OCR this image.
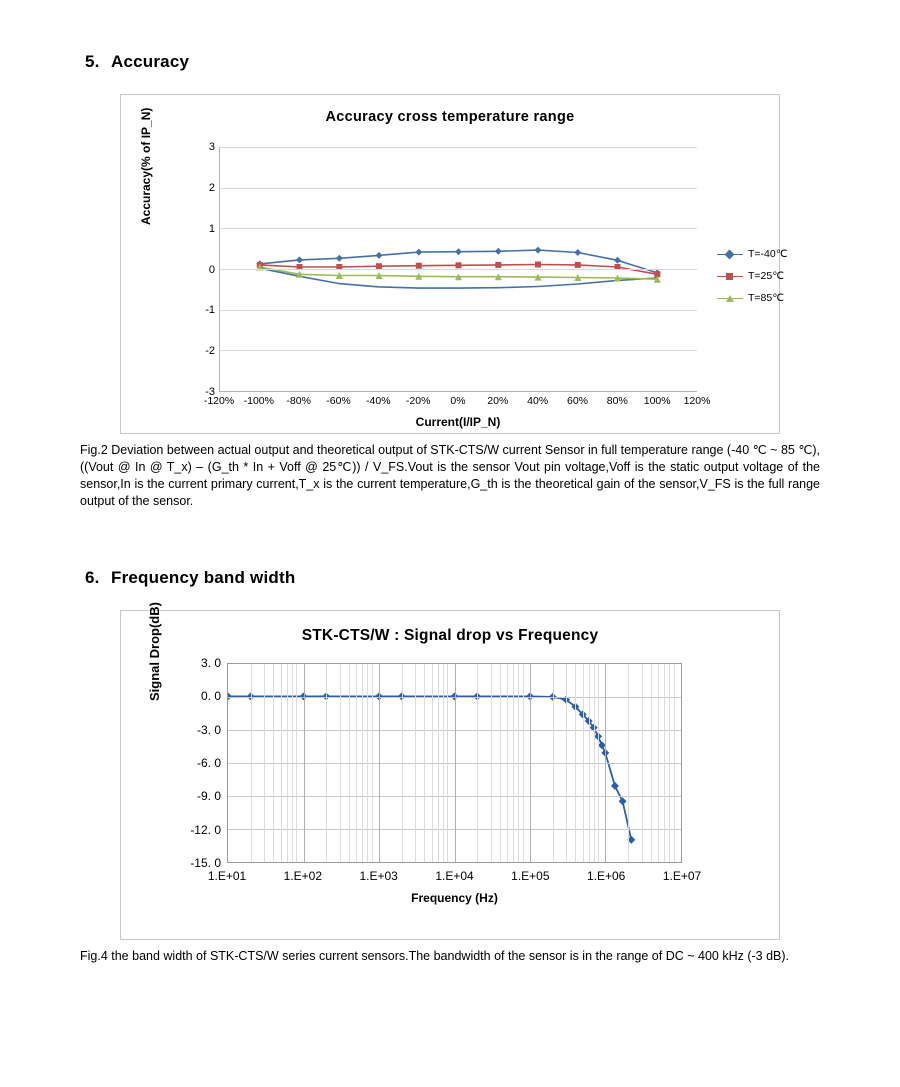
5. Accuracy
Accuracy cross temperature range
Accuracy(% of IP_N)	3
2
1
0
-1
-2
-3
-120% -100% -80% -60% -40% -20% 0% 20% 40% 60% 80% 100% 120%
Current(I/IP_N)
T=-40℃
T=25℃
T=85℃
Fig.2 Deviation between actual output and theoretical output of STK-CTS/W current Sensor in full temperature range (-40 ℃ ~ 85 ℃),((Vout @ In @ T_x) – (G_th * In + Voff @ 25℃)) / V_FS.Vout is the sensor Vout pin voltage,Voff is the static output voltage of the sensor,In is the current primary current,T_x is the current temperature,G_th is the theoretical gain of the sensor,V_FS is the full range output of the sensor.
6. Frequency band width
STK-CTS/W : Signal drop vs Frequency
Signal Drop(dB)	3. 0
0. 0
-3. 0
-6. 0
-9. 0
-12. 0
-15. 0
1.E+01	1.E+02	1.E+03	1.E+04	1.E+05	1.E+06	1.E+07
Frequency (Hz)
Fig.4 the band width of STK-CTS/W series current sensors.The bandwidth of the sensor is in the range of DC ~ 400 kHz (-3 dB).
